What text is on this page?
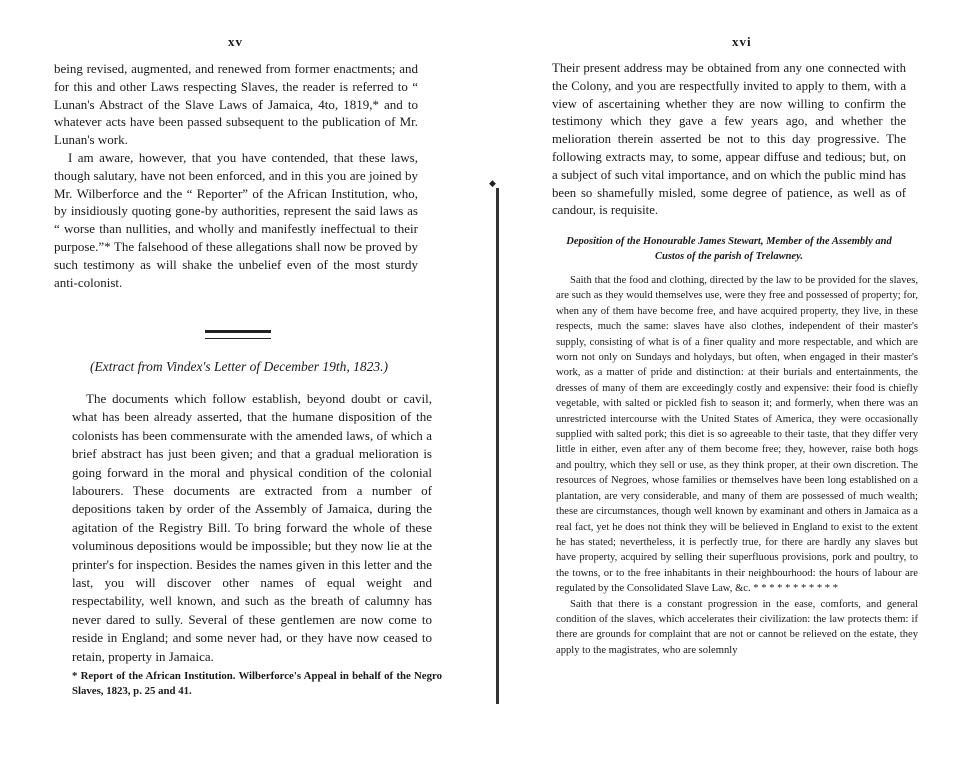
xv

being revised, augmented, and renewed from former enactments; and for this and other Laws respecting Slaves, the reader is referred to “ Lunan's Abstract of the Slave Laws of Jamaica, 4to, 1819,* and to whatever acts have been passed subsequent to the publication of Mr. Lunan's work.

I am aware, however, that you have contended, that these laws, though salutary, have not been enforced, and in this you are joined by Mr. Wilberforce and the “ Reporter” of the African Institution, who, by insidiously quoting gone-by authorities, represent the said laws as “ worse than nullities, and wholly and manifestly ineffectual to their purpose.”* The falsehood of these allegations shall now be proved by such testimony as will shake the unbelief even of the most sturdy anti-colonist.

(Extract from Vindex's Letter of December 19th, 1823.)

The documents which follow establish, beyond doubt or cavil, what has been already asserted, that the humane disposition of the colonists has been commensurate with the amended laws, of which a brief abstract has just been given; and that a gradual melioration is going forward in the moral and physical condition of the colonial labourers. These documents are extracted from a number of depositions taken by order of the Assembly of Jamaica, during the agitation of the Registry Bill. To bring forward the whole of these voluminous depositions would be impossible; but they now lie at the printer's for inspection. Besides the names given in this letter and the last, you will discover other names of equal weight and respectability, well known, and such as the breath of calumny has never dared to sully. Several of these gentlemen are now come to reside in England; and some never had, or they have now ceased to retain, property in Jamaica.

* Report of the African Institution. Wilberforce's Appeal in behalf of the Negro Slaves, 1823, p. 25 and 41.
◆
xvi

Their present address may be obtained from any one connected with the Colony, and you are respectfully invited to apply to them, with a view of ascertaining whether they are now willing to confirm the testimony which they gave a few years ago, and whether the melioration therein asserted be not to this day progressive. The following extracts may, to some, appear diffuse and tedious; but, on a subject of such vital importance, and on which the public mind has been so shamefully misled, some degree of patience, as well as of candour, is requisite.

Deposition of the Honourable James Stewart, Member of the Assembly and Custos of the parish of Trelawney.

Saith that the food and clothing, directed by the law to be provided for the slaves, are such as they would themselves use, were they free and possessed of property; for, when any of them have become free, and have acquired property, they live, in these respects, much the same: slaves have also clothes, independent of their master's supply, consisting of what is of a finer quality and more respectable, and which are worn not only on Sundays and holydays, but often, when engaged in their master's work, as a matter of pride and distinction: at their burials and entertainments, the dresses of many of them are exceedingly costly and expensive: their food is chiefly vegetable, with salted or pickled fish to season it; and formerly, when there was an unrestricted intercourse with the United States of America, they were occasionally supplied with salted pork; this diet is so agreeable to their taste, that they differ very little in either, even after any of them become free; they, however, raise both hogs and poultry, which they sell or use, as they think proper, at their own discretion. The resources of Negroes, whose families or themselves have been long established on a plantation, are very considerable, and many of them are possessed of much wealth; these are circumstances, though well known by examinant and others in Jamaica as a real fact, yet he does not think they will be believed in England to exist to the extent he has stated; nevertheless, it is perfectly true, for there are hardly any slaves but have property, acquired by selling their superfluous provisions, pork and poultry, to the towns, or to the free inhabitants in their neighbourhood: the hours of labour are regulated by the Consolidated Slave Law, &c. * * * * * * * * * * *

Saith that there is a constant progression in the ease, comforts, and general condition of the slaves, which accelerates their civilization: the law protects them: if there are grounds for complaint that are not or cannot be relieved on the estate, they apply to the magistrates, who are solemnly
